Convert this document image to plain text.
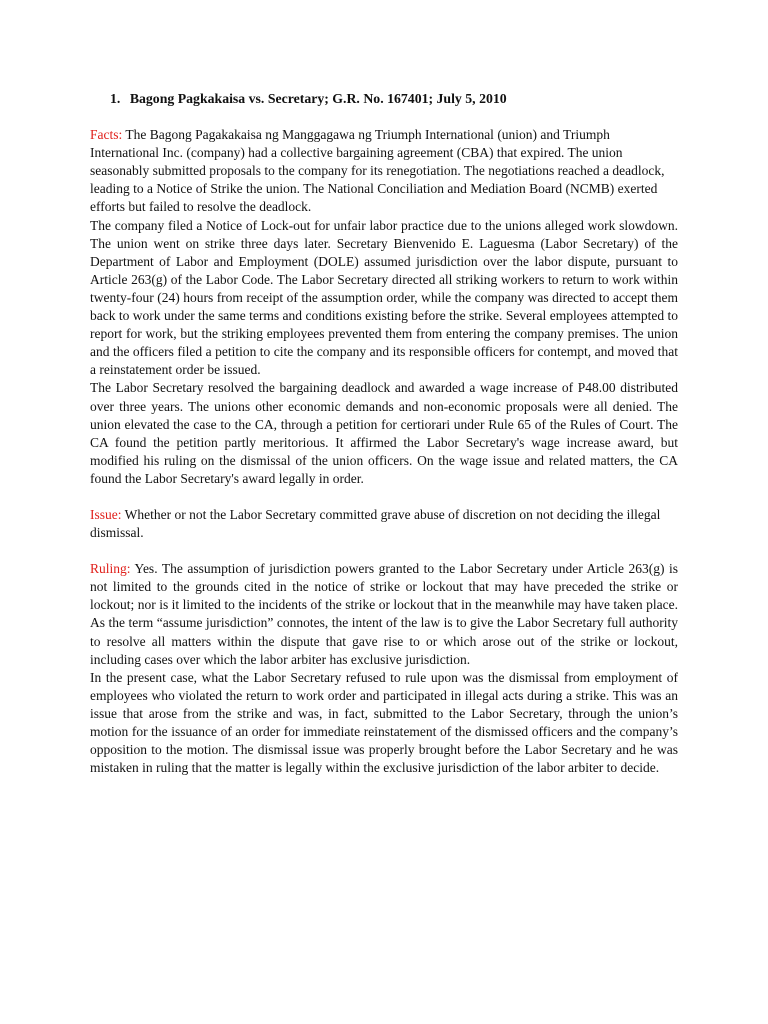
1. Bagong Pagkakaisa vs. Secretary; G.R. No. 167401; July 5, 2010

Facts: The Bagong Pagakakaisa ng Manggagawa ng Triumph International (union) and Triumph International Inc. (company) had a collective bargaining agreement (CBA) that expired. The union seasonably submitted proposals to the company for its renegotiation. The negotiations reached a deadlock, leading to a Notice of Strike the union. The National Conciliation and Mediation Board (NCMB) exerted efforts but failed to resolve the deadlock.

The company filed a Notice of Lock-out for unfair labor practice due to the unions alleged work slowdown. The union went on strike three days later. Secretary Bienvenido E. Laguesma (Labor Secretary) of the Department of Labor and Employment (DOLE) assumed jurisdiction over the labor dispute, pursuant to Article 263(g) of the Labor Code. The Labor Secretary directed all striking workers to return to work within twenty-four (24) hours from receipt of the assumption order, while the company was directed to accept them back to work under the same terms and conditions existing before the strike. Several employees attempted to report for work, but the striking employees prevented them from entering the company premises. The union and the officers filed a petition to cite the company and its responsible officers for contempt, and moved that a reinstatement order be issued.

The Labor Secretary resolved the bargaining deadlock and awarded a wage increase of P48.00 distributed over three years. The unions other economic demands and non-economic proposals were all denied. The union elevated the case to the CA, through a petition for certiorari under Rule 65 of the Rules of Court. The CA found the petition partly meritorious. It affirmed the Labor Secretary's wage increase award, but modified his ruling on the dismissal of the union officers. On the wage issue and related matters, the CA found the Labor Secretary's award legally in order.

Issue: Whether or not the Labor Secretary committed grave abuse of discretion on not deciding the illegal dismissal.

Ruling: Yes. The assumption of jurisdiction powers granted to the Labor Secretary under Article 263(g) is not limited to the grounds cited in the notice of strike or lockout that may have preceded the strike or lockout; nor is it limited to the incidents of the strike or lockout that in the meanwhile may have taken place. As the term “assume jurisdiction” connotes, the intent of the law is to give the Labor Secretary full authority to resolve all matters within the dispute that gave rise to or which arose out of the strike or lockout, including cases over which the labor arbiter has exclusive jurisdiction.

In the present case, what the Labor Secretary refused to rule upon was the dismissal from employment of employees who violated the return to work order and participated in illegal acts during a strike. This was an issue that arose from the strike and was, in fact, submitted to the Labor Secretary, through the union’s motion for the issuance of an order for immediate reinstatement of the dismissed officers and the company’s opposition to the motion. The dismissal issue was properly brought before the Labor Secretary and he was mistaken in ruling that the matter is legally within the exclusive jurisdiction of the labor arbiter to decide.
